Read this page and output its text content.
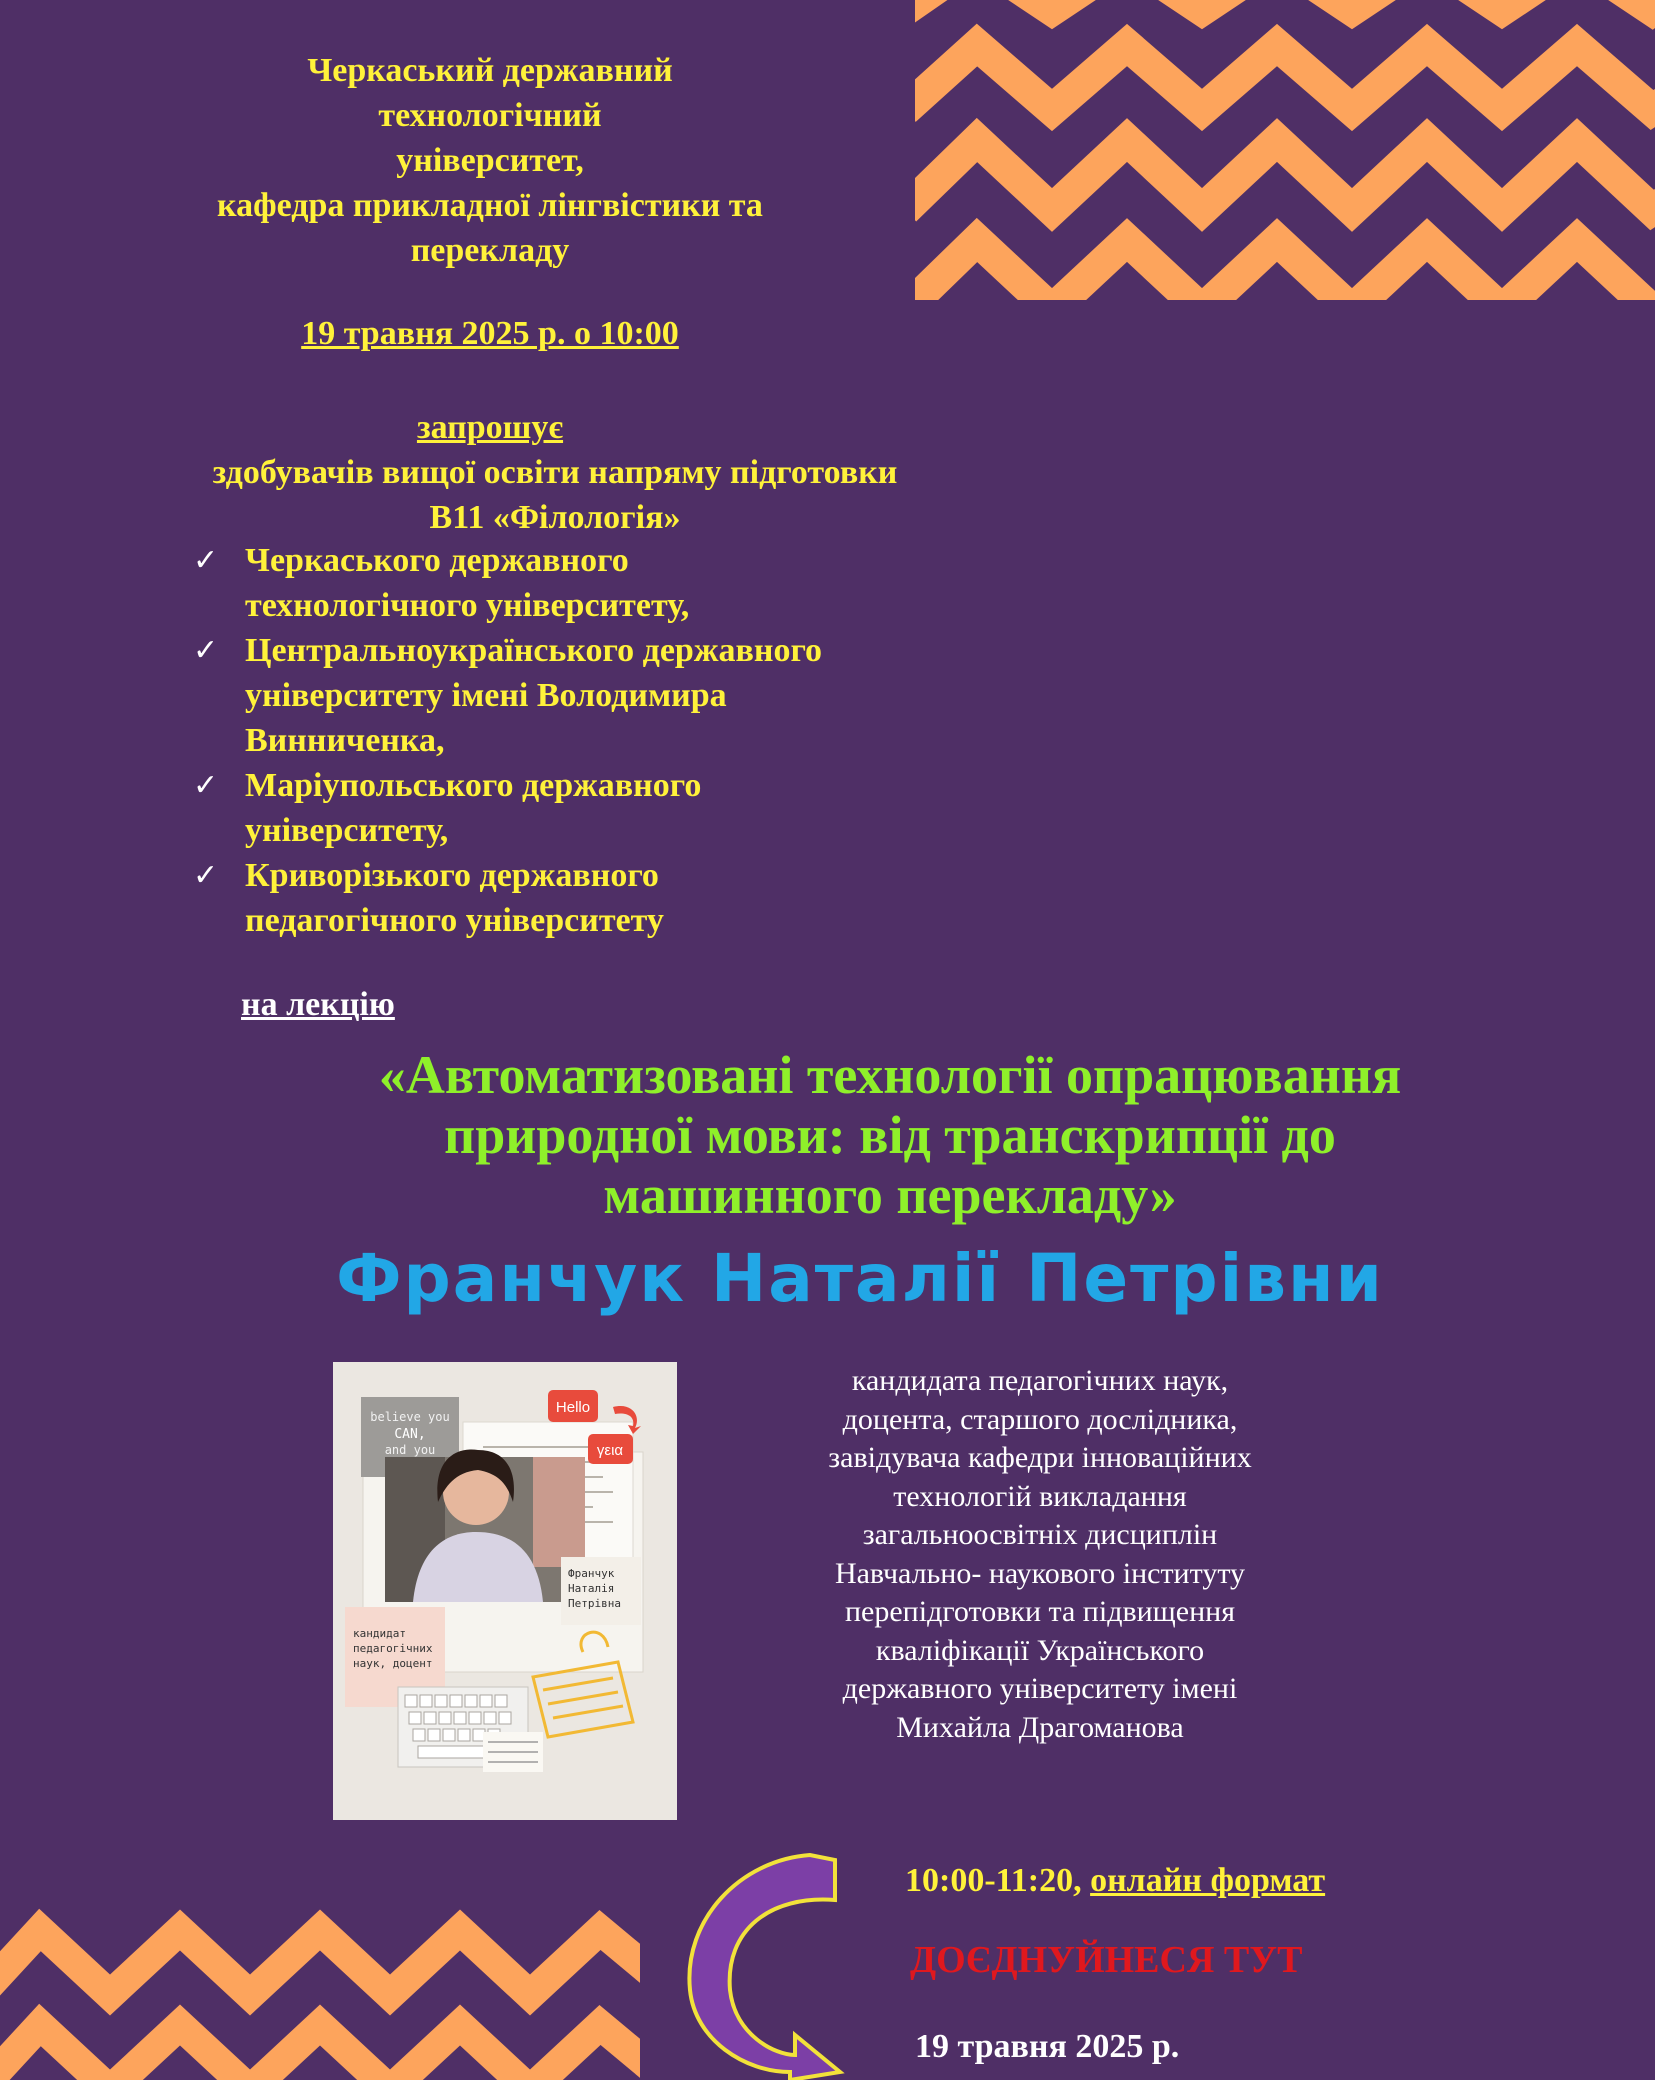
Черкаський державний
технологічний
університет,
кафедра прикладної лінгвістики та
перекладу
19 травня 2025 р. о 10:00
запрошує
здобувачів вищої освіти напряму підготовки
В11 «Філологія»
✓ Черкаського державного
технологічного університету,
✓ Центральноукраїнського державного
університету імені Володимира
Винниченка,
✓ Маріупольського державного
університету,
✓ Криворізького державного
педагогічного університету
на лекцію
«Автоматизовані технології опрацювання
природної мови: від транскрипції до
машинного перекладу»
Франчук Наталії Петрівни
believe you
CAN,
and you
Hello
γεια
Франчук
Наталія
Петрівна
кандидат
педагогічних
наук, доцент
кандидата педагогічних наук,
доцента, старшого дослідника,
завідувача кафедри інноваційних
технологій викладання
загальноосвітніх дисциплін
Навчально- наукового інституту
перепідготовки та підвищення
кваліфікації Українського
державного університету імені
Михайла Драгоманова
10:00-11:20, онлайн формат
ДОЄДНУЙНЕСЯ ТУТ
19 травня 2025 р.
